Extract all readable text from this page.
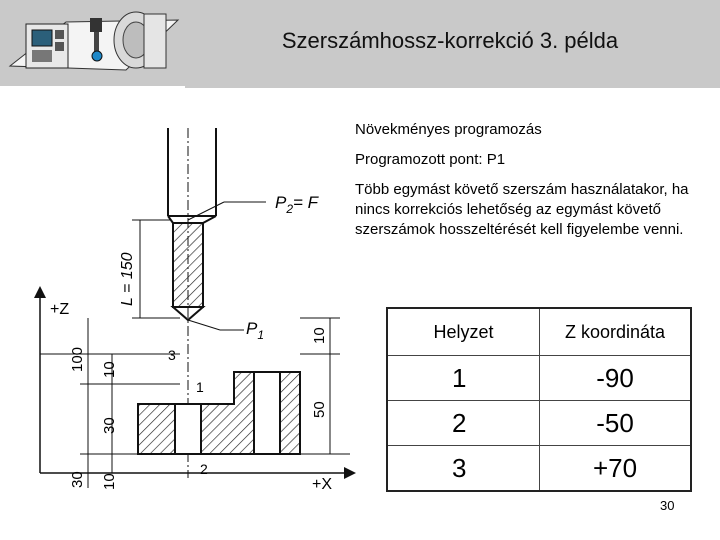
Szerszámhossz-korrekció 3. példa

Növekményes programozás

Programozott pont: P1

Több egymást követő szerszám használatakor, ha nincs korrekciós lehetőség az egymást követő szerszámok hosszeltérését kell figyelembe venni.

$P_2= F$
L = 150
$P_1$
+Z
+X
3
1
2
100 10
30
30 10
10
50
Helyzet	Z koordináta
1	-90
2	-50
3	+70
30
